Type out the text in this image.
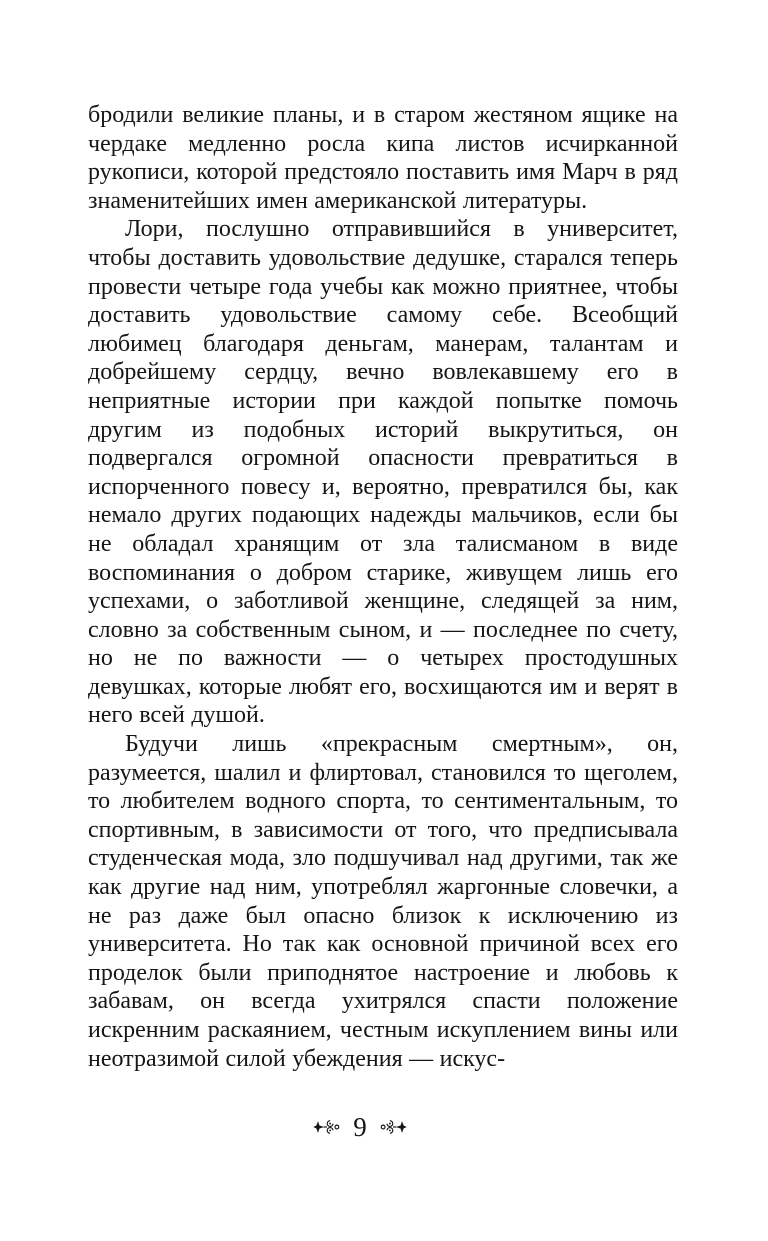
бродили великие планы, и в старом жестяном ящике на чердаке медленно росла кипа листов исчирканной рукописи, которой предстояло поставить имя Марч в ряд знаменитейших имен американской литературы.

Лори, послушно отправившийся в университет, чтобы доставить удовольствие дедушке, старался теперь провести четыре года учебы как можно приятнее, чтобы доставить удовольствие самому себе. Всеобщий любимец благодаря деньгам, манерам, талантам и добрейшему сердцу, вечно вовлекавшему его в неприятные истории при каждой попытке помочь другим из подобных историй выкрутиться, он подвергался огромной опасности превратиться в испорченного повесу и, вероятно, превратился бы, как немало других подающих надежды мальчиков, если бы не обладал хранящим от зла талисманом в виде воспоминания о добром старике, живущем лишь его успехами, о заботливой женщине, следящей за ним, словно за собственным сыном, и — последнее по счету, но не по важности — о четырех простодушных девушках, которые любят его, восхищаются им и верят в него всей душой.

Будучи лишь «прекрасным смертным», он, разумеется, шалил и флиртовал, становился то щеголем, то любителем водного спорта, то сентиментальным, то спортивным, в зависимости от того, что предписывала студенческая мода, зло подшучивал над другими, так же как другие над ним, употреблял жаргонные словечки, а не раз даже был опасно близок к исключению из университета. Но так как основной причиной всех его проделок были приподнятое настроение и любовь к забавам, он всегда ухитрялся спасти положение искренним раскаянием, честным искуплением вины или неотразимой силой убеждения — искус-

9
